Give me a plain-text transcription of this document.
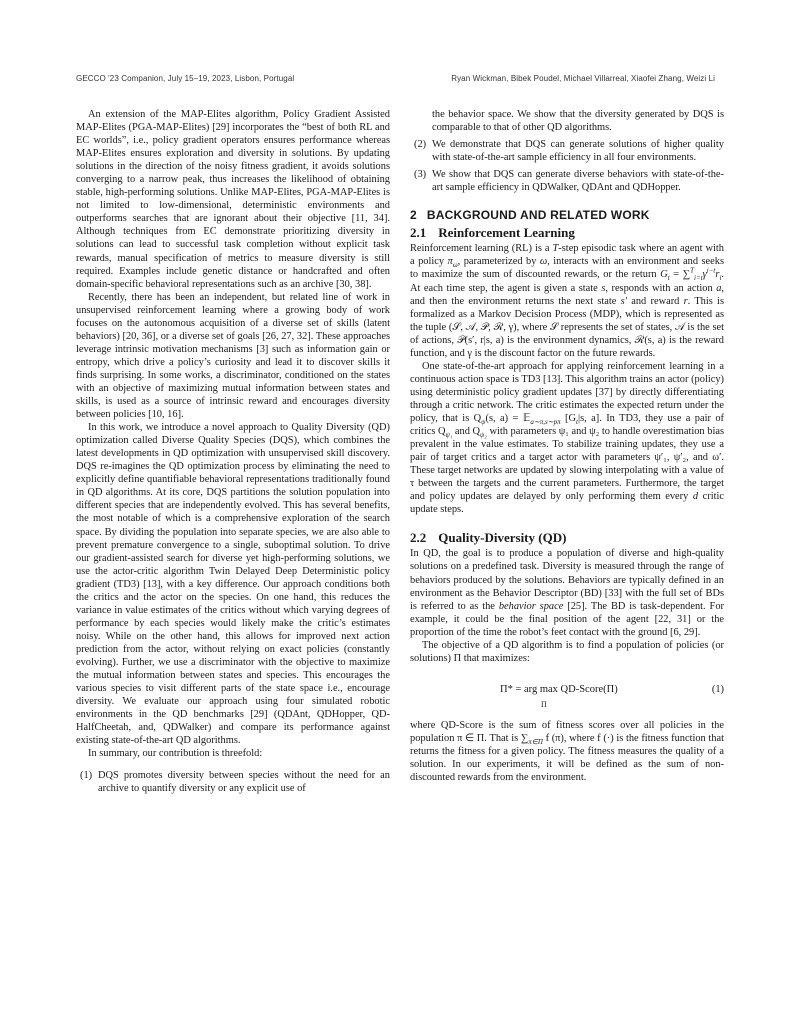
GECCO '23 Companion, July 15–19, 2023, Lisbon, Portugal	Ryan Wickman, Bibek Poudel, Michael Villarreal, Xiaofei Zhang, Weizi Li

An extension of the MAP-Elites algorithm, Policy Gradient Assisted MAP-Elites (PGA-MAP-Elites) [29] incorporates the “best of both RL and EC worlds”, i.e., policy gradient operators ensures performance whereas MAP-Elites ensures exploration and diversity in solutions. By updating solutions in the direction of the noisy fitness gradient, it avoids solutions converging to a narrow peak, thus increases the likelihood of obtaining stable, high-performing solutions. Unlike MAP-Elites, PGA-MAP-Elites is not limited to low-dimensional, deterministic environments and outperforms searches that are ignorant about their objective [11, 34]. Although techniques from EC demonstrate prioritizing diversity in solutions can lead to successful task completion without explicit task rewards, manual specification of metrics to measure diversity is still required. Examples include genetic distance or handcrafted and often domain-specific behavioral representations such as an archive [30, 38].

Recently, there has been an independent, but related line of work in unsupervised reinforcement learning where a growing body of work focuses on the autonomous acquisition of a diverse set of skills (latent behaviors) [20, 36], or a diverse set of goals [26, 27, 32]. These approaches leverage intrinsic motivation mechanisms [3] such as information gain or entropy, which drive a policy’s curiosity and lead it to discover skills it finds surprising. In some works, a discriminator, conditioned on the states with an objective of maximizing mutual information between states and skills, is used as a source of intrinsic reward and encourages diversity between policies [10, 16].

In this work, we introduce a novel approach to Quality Diversity (QD) optimization called Diverse Quality Species (DQS), which combines the latest developments in QD optimization with unsupervised skill discovery. DQS re-imagines the QD optimization process by eliminating the need to explicitly define quantifiable behavioral representations traditionally found in QD algorithms. At its core, DQS partitions the solution population into different species that are independently evolved. This has several benefits, the most notable of which is a comprehensive exploration of the search space. By dividing the population into separate species, we are also able to prevent premature convergence to a single, suboptimal solution. To drive our gradient-assisted search for diverse yet high-performing solutions, we use the actor-critic algorithm Twin Delayed Deep Deterministic policy gradient (TD3) [13], with a key difference. Our approach conditions both the critics and the actor on the species. On one hand, this reduces the variance in value estimates of the critics without which varying degrees of performance by each species would likely make the critic’s estimates noisy. While on the other hand, this allows for improved next action prediction from the actor, without relying on exact policies (constantly evolving). Further, we use a discriminator with the objective to maximize the mutual information between states and species. This encourages the various species to visit different parts of the state space i.e., encourage diversity. We evaluate our approach using four simulated robotic environments in the QD benchmarks [29] (QDAnt, QDHopper, QD-HalfCheetah, and, QDWalker) and compare its performance against existing state-of-the-art QD algorithms.

In summary, our contribution is threefold:

(1) DQS promotes diversity between species without the need for an archive to quantify diversity or any explicit use of
the behavior space. We show that the diversity generated by DQS is comparable to that of other QD algorithms.
(2) We demonstrate that DQS can generate solutions of higher quality with state-of-the-art sample efficiency in all four environments.
(3) We show that DQS can generate diverse behaviors with state-of-the-art sample efficiency in QDWalker, QDAnt and QDHopper.
2 BACKGROUND AND RELATED WORK
2.1 Reinforcement Learning

Reinforcement learning (RL) is a T-step episodic task where an agent with a policy $\pi_\omega$, parameterized by ω, interacts with an environment and seeks to maximize the sum of discounted rewards, or the return $G_t = \sum^T_{i=t}\gamma^{i-t}r_i$. At each time step, the agent is given a state s, responds with an action a, and then the environment returns the next state s′ and reward r. This is formalized as a Markov Decision Process (MDP), which is represented as the tuple (𝒮, 𝒜, 𝒫, ℛ, γ), where 𝒮 represents the set of states, 𝒜 is the set of actions, 𝒫(s′, r|s, a) is the environment dynamics, ℛ(s, a) is the reward function, and γ is the discount factor on the future rewards.

One state-of-the-art approach for applying reinforcement learning in a continuous action space is TD3 [13]. This algorithm trains an actor (policy) using deterministic policy gradient updates [37] by directly differentiating through a critic network. The critic estimates the expected return under the policy, that is $Q_\psi(s$, a) = 𝔼$_{a\sim\pi,s\sim p\pi}$ [$G_t|s$, a]. In TD3, they use a pair of critics $Q_{\psi_1}$ and $Q_{\psi_2}$ with parameters ψ₁ and ψ₂ to handle overestimation bias prevalent in the value estimates. To stabilize training updates, they use a pair of target critics and a target actor with parameters ψ′₁, ψ′₂, and ω′. These target networks are updated by slowing interpolating with a value of τ between the targets and the current parameters. Furthermore, the target and policy updates are delayed by only performing them every d critic update steps.

2.2 Quality-Diversity (QD)

In QD, the goal is to produce a population of diverse and high-quality solutions on a predefined task. Diversity is measured through the range of behaviors produced by the solutions. Behaviors are typically defined in an environment as the Behavior Descriptor (BD) [33] with the full set of BDs is referred to as the behavior space [25]. The BD is task-dependent. For example, it could be the final position of the agent [22, 31] or the proportion of the time the robot’s feet contact with the ground [6, 29].

The objective of a QD algorithm is to find a population of policies (or solutions) Π that maximizes:

Π* = arg max QD-Score(Π)
Π
(1)

where QD-Score is the sum of fitness scores over all policies in the population π ∈ Π. That is $\sum_{\pi\in\Pi}$ f (π), where f (·) is the fitness function that returns the fitness for a given policy. The fitness measures the quality of a solution. In our experiments, it will be defined as the sum of non-discounted rewards from the environment.
